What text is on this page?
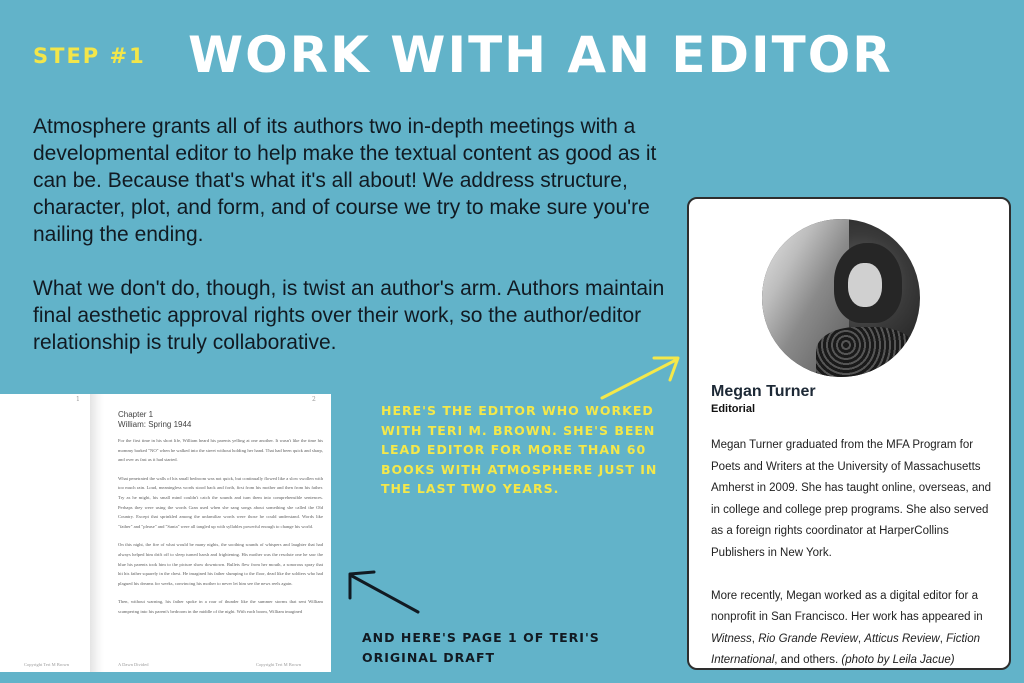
STEP #1 WORK WITH AN EDITOR

Atmosphere grants all of its authors two in-depth meetings with a developmental editor to help make the textual content as good as it can be. Because that's what it's all about! We address structure, character, plot, and form, and of course we try to make sure you're nailing the ending.

What we don't do, though, is twist an author's arm. Authors maintain final aesthetic approval rights over their work, so the author/editor relationship is truly collaborative.

1	2
Chapter 1
William: Spring 1944

For the first time in his short life, William heard his parents yelling at one another. It wasn't like the time his mommy barked "NO" when he walked into the street without holding her hand. That had been quick and sharp, and over as fast as it had started.

What penetrated the walls of his small bedroom was not quick, but continually flowed like a slow swollen with too much rain. Loud, meaningless words stood back and forth, first from his mother and then from his father. Try as he might, his small mind couldn't catch the sounds and turn them into comprehensible sentences. Perhaps they were using the words Gran used when she sang songs about something she called the Old Country. Except that sprinkled among the unfamiliar words were those he could understand. Words like "father" and "please" and "Santa" were all tangled up with syllables powerful enough to change his world.

On this night, the fire of what would be many nights, the soothing sounds of whispers and laughter that had always helped him drift off to sleep turned harsh and frightening. His mother was the resolute one he saw the blue his parents took him to the picture show downtown. Bullets flew from her mouth, a sonorous spray that hit his father squarely in the chest. He imagined his father slumping to the floor, dead like the soldiers who had plagued his dreams for weeks, convincing his mother to never let him see the news reels again.

Then, without warning, his father spoke in a roar of thunder like the summer storms that sent William scampering into his parent's bedroom in the middle of the night. With each boom, William imagined

Copyright Teri M Brown	A Dawn Divided	Copyright Teri M Brown
Megan Turner
Editorial

Megan Turner graduated from the MFA Program for Poets and Writers at the University of Massachusetts Amherst in 2009. She has taught online, overseas, and in college and college prep programs. She also served as a foreign rights coordinator at HarperCollins Publishers in New York.

More recently, Megan worked as a digital editor for a nonprofit in San Francisco. Her work has appeared in Witness, Rio Grande Review, Atticus Review, Fiction International, and others. (photo by Leila Jacue)

HERE'S THE EDITOR WHO WORKED WITH TERI M. BROWN. SHE'S BEEN LEAD EDITOR FOR MORE THAN 60 BOOKS WITH ATMOSPHERE JUST IN THE LAST TWO YEARS.
AND HERE'S PAGE 1 OF TERI'S ORIGINAL DRAFT
